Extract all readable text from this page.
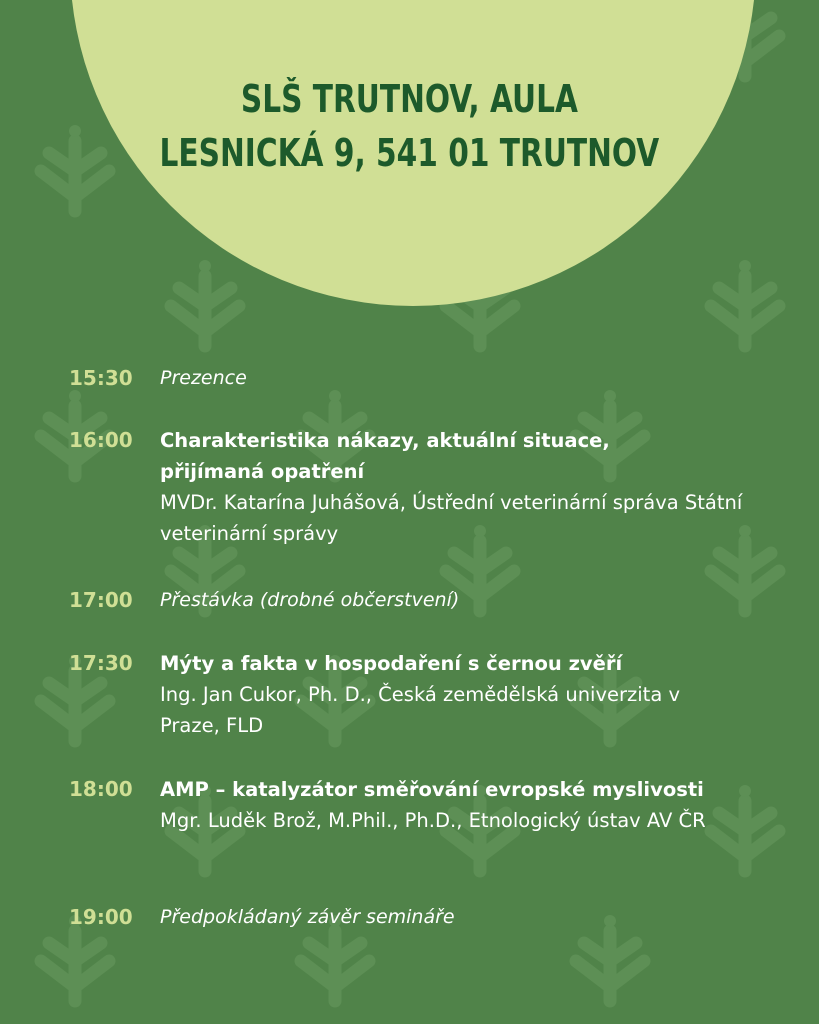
SLŠ TRUTNOV, AULA
LESNICKÁ 9, 541 01 TRUTNOV
15:30 Prezence
16:00 Charakteristika nákazy, aktuální situace, přijímaná opatření
MVDr. Katarína Juhášová, Ústřední veterinární správa Státní veterinární správy
17:00 Přestávka (drobné občerstvení)
17:30 Mýty a fakta v hospodaření s černou zvěří
Ing. Jan Cukor, Ph. D., Česká zemědělská univerzita v Praze, FLD
18:00 AMP – katalyzátor směřování evropské myslivosti
Mgr. Luděk Brož, M.Phil., Ph.D., Etnologický ústav AV ČR
19:00 Předpokládaný závěr semináře
